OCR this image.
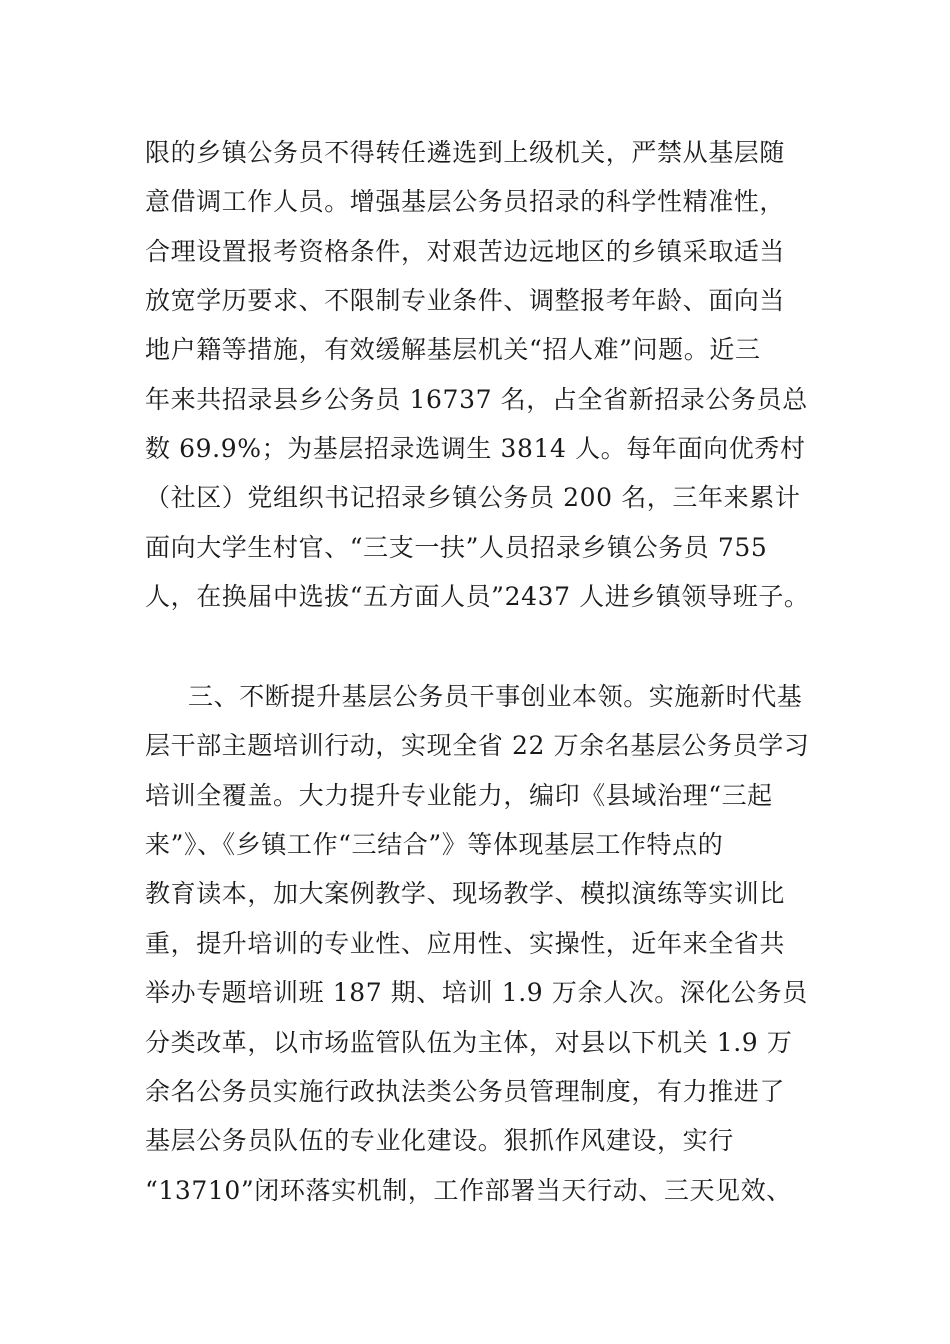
限的乡镇公务员不得转任遴选到上级机关，严禁从基层随
意借调工作人员。增强基层公务员招录的科学性精准性，
合理设置报考资格条件，对艰苦边远地区的乡镇采取适当
放宽学历要求、不限制专业条件、调整报考年龄、面向当
地户籍等措施，有效缓解基层机关“招人难”问题。近三
年来共招录县乡公务员 16737 名，占全省新招录公务员总
数 69.9%；为基层招录选调生 3814 人。每年面向优秀村
（社区）党组织书记招录乡镇公务员 200 名，三年来累计
面向大学生村官、“三支一扶”人员招录乡镇公务员 755
人，在换届中选拔“五方面人员”2437 人进乡镇领导班子。
三、不断提升基层公务员干事创业本领。实施新时代基
层干部主题培训行动，实现全省 22 万余名基层公务员学习
培训全覆盖。大力提升专业能力，编印《县域治理“三起
来”》、《乡镇工作“三结合”》等体现基层工作特点的
教育读本，加大案例教学、现场教学、模拟演练等实训比
重，提升培训的专业性、应用性、实操性，近年来全省共
举办专题培训班 187 期、培训 1.9 万余人次。深化公务员
分类改革，以市场监管队伍为主体，对县以下机关 1.9 万
余名公务员实施行政执法类公务员管理制度，有力推进了
基层公务员队伍的专业化建设。狠抓作风建设，实行
“13710”闭环落实机制，工作部署当天行动、三天见效、
